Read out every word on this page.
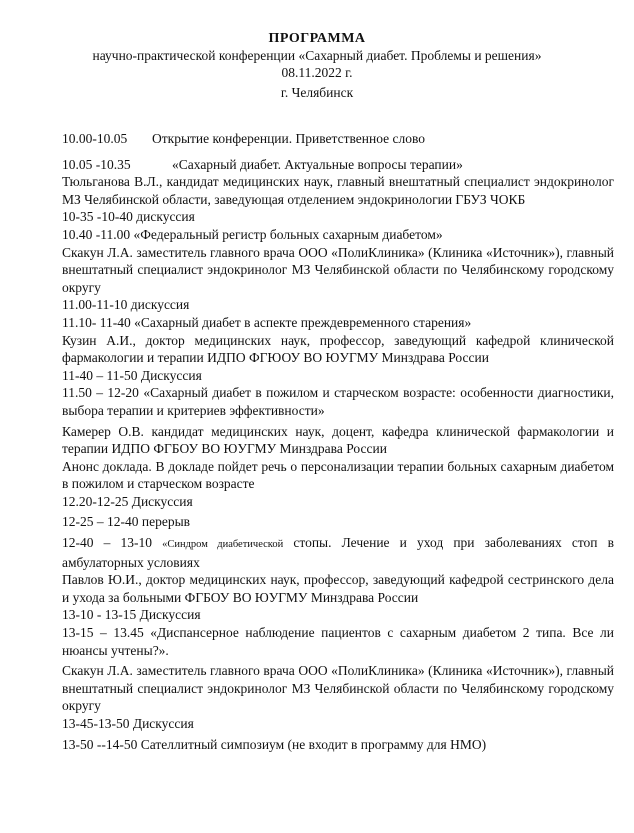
ПРОГРАММА
научно-практической конференции «Сахарный диабет. Проблемы и решения»
08.11.2022 г.
г. Челябинск
10.00-10.05 Открытие конференции. Приветственное слово
10.05 -10.35	«Сахарный диабет. Актуальные вопросы терапии»
Тюльганова В.Л., кандидат медицинских наук, главный внештатный специалист эндокринолог МЗ Челябинской области, заведующая отделением эндокринологии ГБУЗ ЧОКБ
10-35 -10-40 дискуссия
10.40 -11.00 «Федеральный регистр больных сахарным диабетом»
Скакун Л.А. заместитель главного врача ООО «ПолиКлиника» (Клиника «Источник»), главный внештатный специалист эндокринолог МЗ Челябинской области по Челябинскому городскому округу
11.00-11-10 дискуссия
11.10- 11-40 «Сахарный диабет в аспекте преждевременного старения»
Кузин А.И., доктор медицинских наук, профессор, заведующий кафедрой клинической фармакологии и терапии ИДПО ФГЮОУ ВО ЮУГМУ Минздрава России
11-40 – 11-50 Дискуссия
11.50 – 12-20 «Сахарный диабет в пожилом и старческом возрасте: особенности диагностики, выбора терапии и критериев эффективности»
Камерер О.В. кандидат медицинских наук, доцент, кафедра клинической фармакологии и терапии ИДПО ФГБОУ ВО ЮУГМУ Минздрава России
Анонс доклада. В докладе пойдет речь о персонализации терапии больных сахарным диабетом в пожилом и старческом возрасте
12.20-12-25 Дискуссия
12-25 – 12-40 перерыв
12-40 – 13-10 «Синдром диабетической стопы. Лечение и уход при заболеваниях стоп в амбулаторных условиях
Павлов Ю.И., доктор медицинских наук, профессор, заведующий кафедрой сестринского дела и ухода за больными ФГБОУ ВО ЮУГМУ Минздрава России
13-10 - 13-15 Дискуссия
13-15 – 13.45 «Диспансерное наблюдение пациентов с сахарным диабетом 2 типа. Все ли нюансы учтены?».
Скакун Л.А. заместитель главного врача ООО «ПолиКлиника» (Клиника «Источник»), главный внештатный специалист эндокринолог МЗ Челябинской области по Челябинскому городскому округу
13-45-13-50 Дискуссия
13-50 --14-50 Сателлитный симпозиум (не входит в программу для НМО)
